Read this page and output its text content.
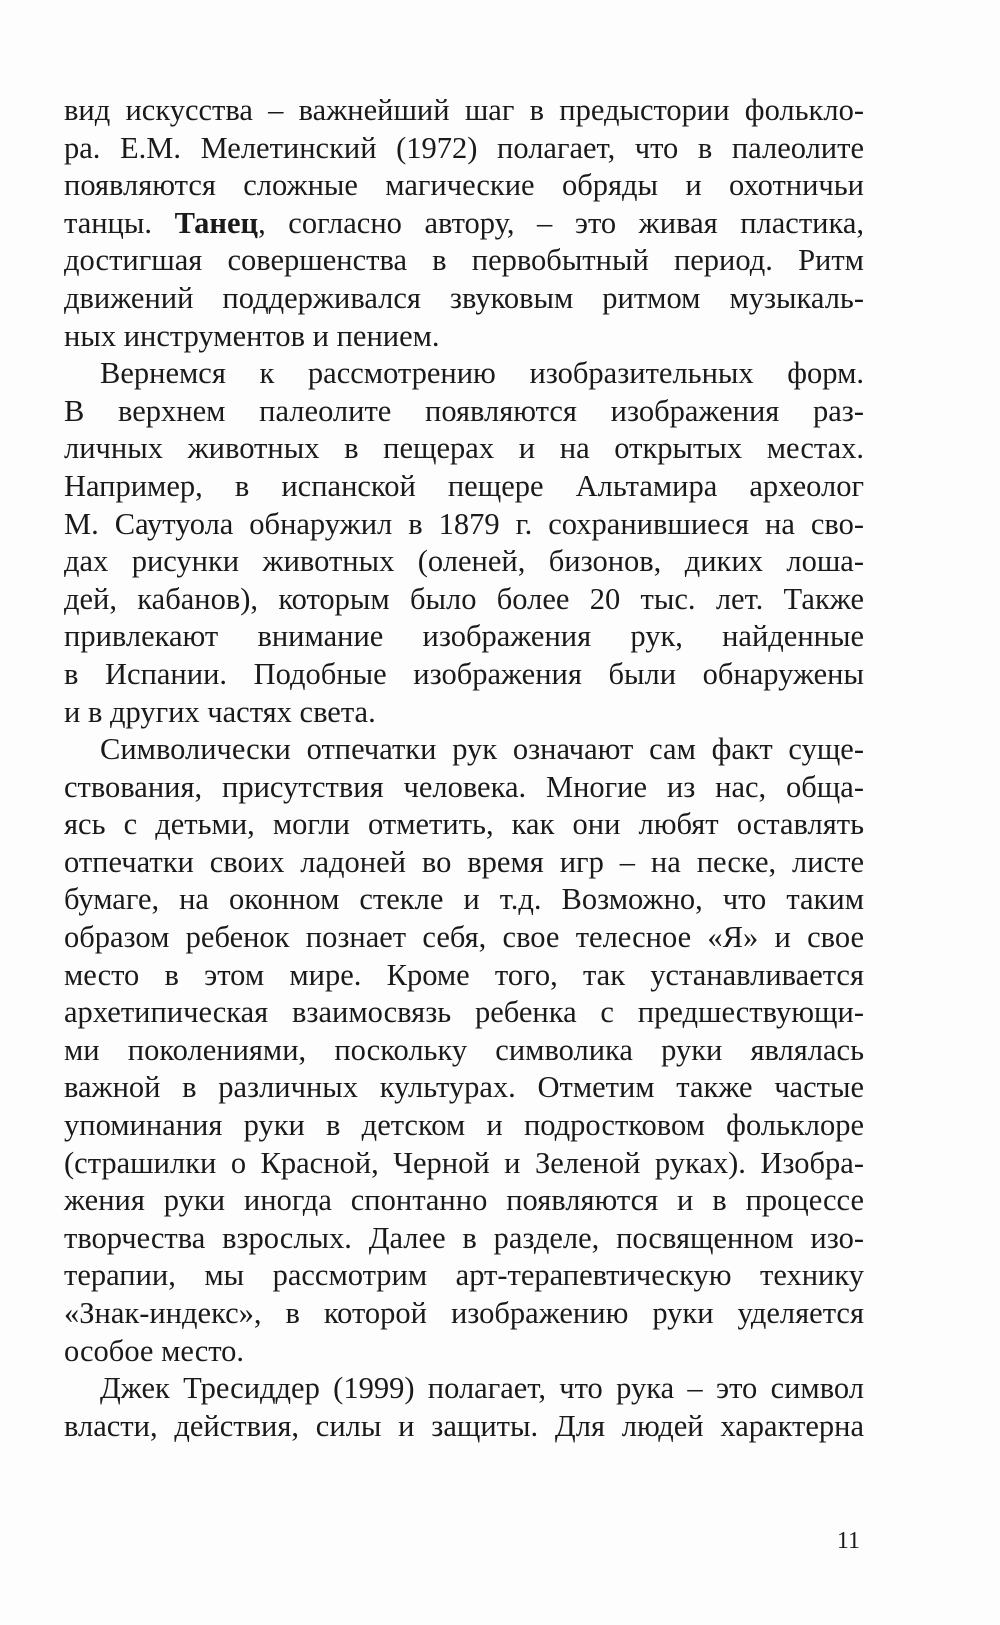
вид искусства – важнейший шаг в предыстории фолькло-
ра. Е.М. Мелетинский (1972) полагает, что в палеолите
появляются сложные магические обряды и охотничьи
танцы. Танец, согласно автору, – это живая пластика,
достигшая совершенства в первобытный период. Ритм
движений поддерживался звуковым ритмом музыкаль-
ных инструментов и пением.
Вернемся к рассмотрению изобразительных форм.
В верхнем палеолите появляются изображения раз-
личных животных в пещерах и на открытых местах.
Например, в испанской пещере Альтамира археолог
М. Саутуола обнаружил в 1879 г. сохранившиеся на сво-
дах рисунки животных (оленей, бизонов, диких лоша-
дей, кабанов), которым было более 20 тыс. лет. Также
привлекают внимание изображения рук, найденные
в Испании. Подобные изображения были обнаружены
и в других частях света.
Символически отпечатки рук означают сам факт суще-
ствования, присутствия человека. Многие из нас, обща-
ясь с детьми, могли отметить, как они любят оставлять
отпечатки своих ладоней во время игр – на песке, листе
бумаге, на оконном стекле и т.д. Возможно, что таким
образом ребенок познает себя, свое телесное «Я» и свое
место в этом мире. Кроме того, так устанавливается
архетипическая взаимосвязь ребенка с предшествующи-
ми поколениями, поскольку символика руки являлась
важной в различных культурах. Отметим также частые
упоминания руки в детском и подростковом фольклоре
(страшилки о Красной, Черной и Зеленой руках). Изобра-
жения руки иногда спонтанно появляются и в процессе
творчества взрослых. Далее в разделе, посвященном изо-
терапии, мы рассмотрим арт-терапевтическую технику
«Знак-индекс», в которой изображению руки уделяется
особое место.
Джек Тресиддер (1999) полагает, что рука – это символ
власти, действия, силы и защиты. Для людей характерна
11
